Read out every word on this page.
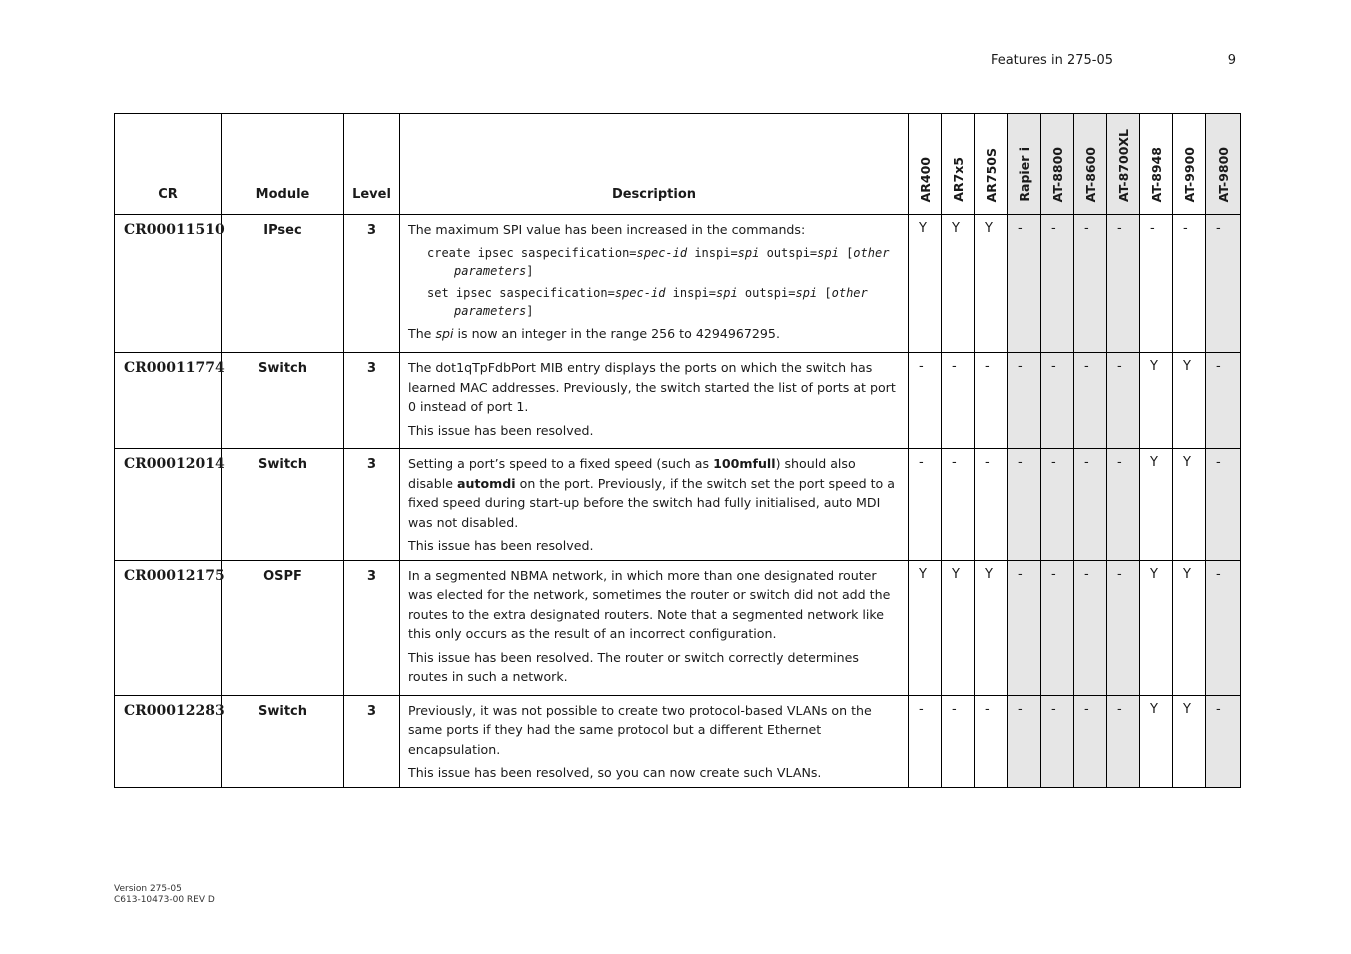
Features in 275-05	9
CR	Module	Level	Description	AR400	AR7x5	AR750S	Rapier i	AT-8800	AT-8600	AT-8700XL	AT-8948	AT-9900	AT-9800
CR00011510	IPsec	3	The maximum SPI value has been increased in the commands:

create ipsec saspecification=spec-id inspi=spi outspi=spi [other parameters]
set ipsec saspecification=spec-id inspi=spi outspi=spi [other parameters]

The spi is now an integer in the range 256 to 4294967295.	Y	Y	Y	-	-	-	-	-	-	-
CR00011774	Switch	3	The dot1qTpFdbPort MIB entry displays the ports on which the switch has learned MAC addresses. Previously, the switch started the list of ports at port 0 instead of port 1.

This issue has been resolved.	-	-	-	-	-	-	-	Y	Y	-
CR00012014	Switch	3	Setting a port’s speed to a fixed speed (such as 100mfull) should also disable automdi on the port. Previously, if the switch set the port speed to a fixed speed during start-up before the switch had fully initialised, auto MDI was not disabled.

This issue has been resolved.	-	-	-	-	-	-	-	Y	Y	-
CR00012175	OSPF	3	In a segmented NBMA network, in which more than one designated router was elected for the network, sometimes the router or switch did not add the routes to the extra designated routers. Note that a segmented network like this only occurs as the result of an incorrect configuration.

This issue has been resolved. The router or switch correctly determines routes in such a network.	Y	Y	Y	-	-	-	-	Y	Y	-
CR00012283	Switch	3	Previously, it was not possible to create two protocol-based VLANs on the same ports if they had the same protocol but a different Ethernet encapsulation.

This issue has been resolved, so you can now create such VLANs.	-	-	-	-	-	-	-	Y	Y	-
Version 275-05
C613-10473-00 REV D
